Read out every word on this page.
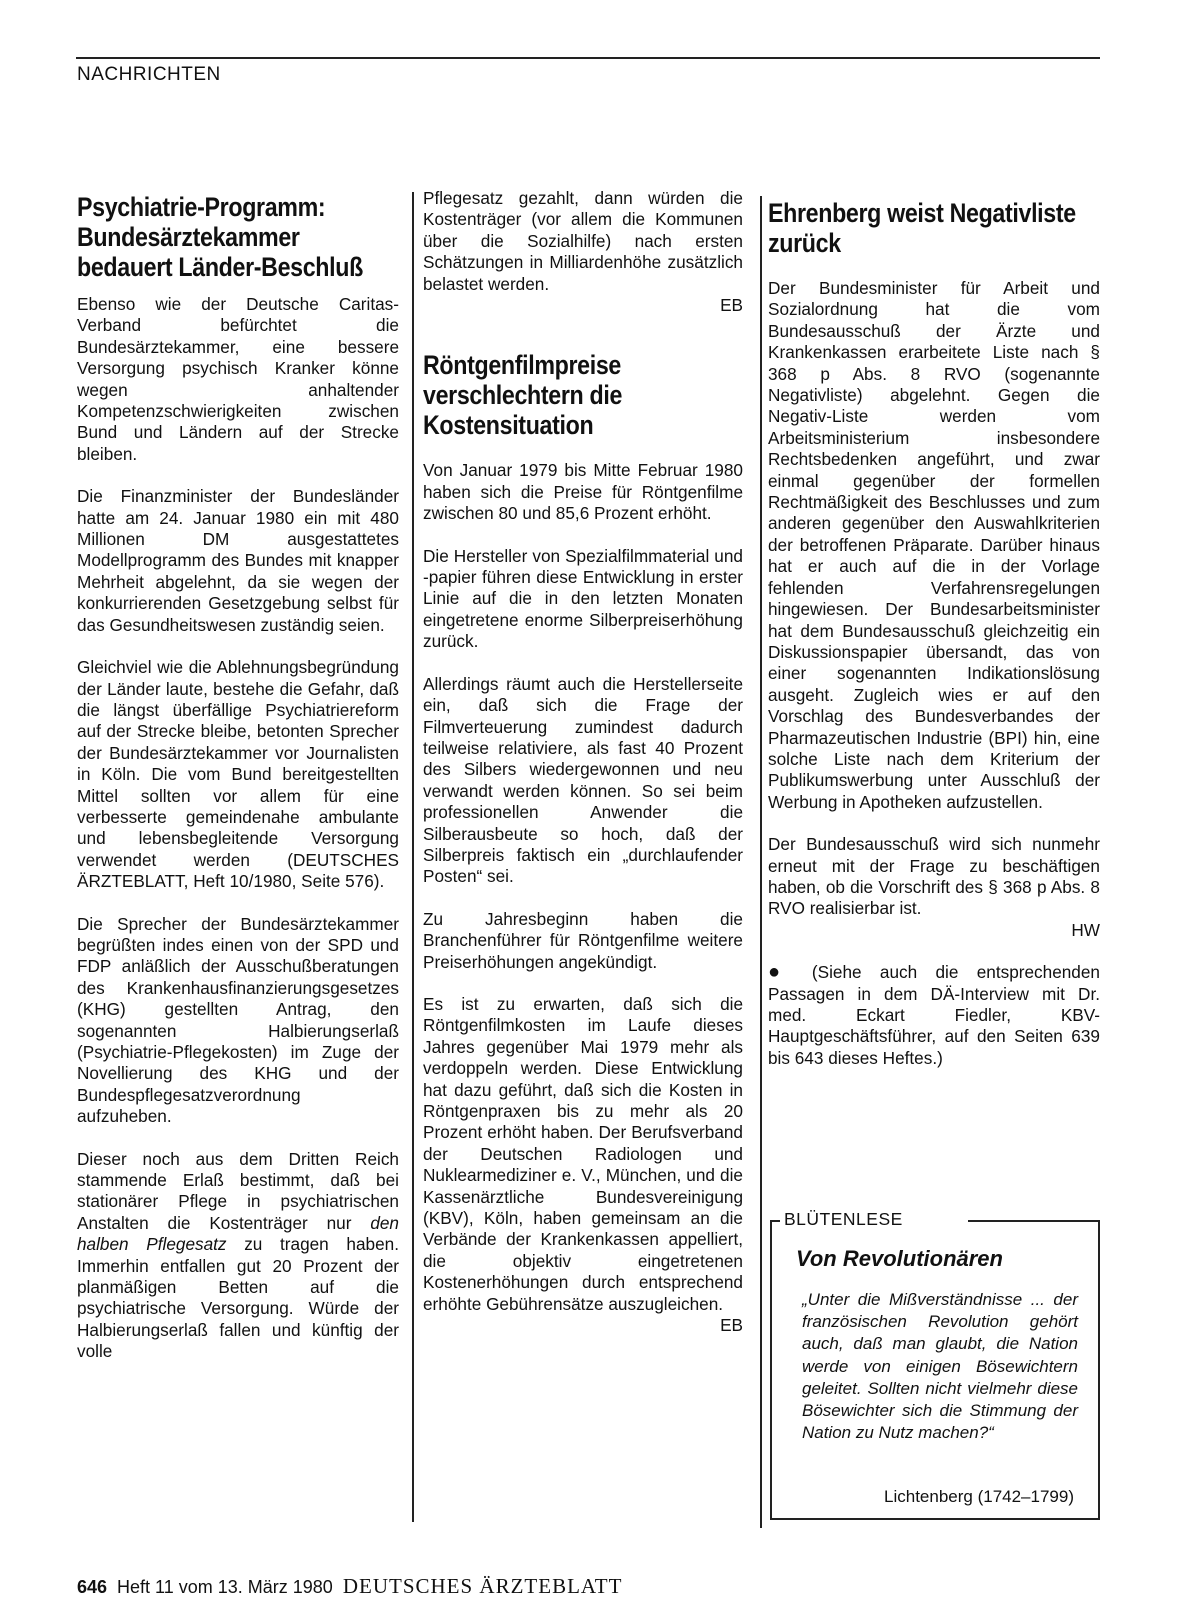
NACHRICHTEN
Psychiatrie-Programm: Bundesärztekammer bedauert Länder-Beschluß

Ebenso wie der Deutsche Caritas-Verband befürchtet die Bundesärztekammer, eine bessere Versorgung psychisch Kranker könne wegen anhaltender Kompetenzschwierigkeiten zwischen Bund und Ländern auf der Strecke bleiben.

Die Finanzminister der Bundesländer hatte am 24. Januar 1980 ein mit 480 Millionen DM ausgestattetes Modellprogramm des Bundes mit knapper Mehrheit abgelehnt, da sie wegen der konkurrierenden Gesetzgebung selbst für das Gesundheitswesen zuständig seien.

Gleichviel wie die Ablehnungsbegründung der Länder laute, bestehe die Gefahr, daß die längst überfällige Psychiatriereform auf der Strecke bleibe, betonten Sprecher der Bundesärztekammer vor Journalisten in Köln. Die vom Bund bereitgestellten Mittel sollten vor allem für eine verbesserte gemeindenahe ambulante und lebensbegleitende Versorgung verwendet werden (DEUTSCHES ÄRZTEBLATT, Heft 10/1980, Seite 576).

Die Sprecher der Bundesärztekammer begrüßten indes einen von der SPD und FDP anläßlich der Ausschußberatungen des Krankenhausfinanzierungsgesetzes (KHG) gestellten Antrag, den sogenannten Halbierungserlaß (Psychiatrie-Pflegekosten) im Zuge der Novellierung des KHG und der Bundespflegesatzverordnung aufzuheben.

Dieser noch aus dem Dritten Reich stammende Erlaß bestimmt, daß bei stationärer Pflege in psychiatrischen Anstalten die Kostenträger nur den halben Pflegesatz zu tragen haben. Immerhin entfallen gut 20 Prozent der planmäßigen Betten auf die psychiatrische Versorgung. Würde der Halbierungserlaß fallen und künftig der volle

Pflegesatz gezahlt, dann würden die Kostenträger (vor allem die Kommunen über die Sozialhilfe) nach ersten Schätzungen in Milliardenhöhe zusätzlich belastet werden.
EB

Röntgenfilmpreise verschlechtern die Kostensituation

Von Januar 1979 bis Mitte Februar 1980 haben sich die Preise für Röntgenfilme zwischen 80 und 85,6 Prozent erhöht.

Die Hersteller von Spezialfilmmaterial und -papier führen diese Entwicklung in erster Linie auf die in den letzten Monaten eingetretene enorme Silberpreiserhöhung zurück.

Allerdings räumt auch die Herstellerseite ein, daß sich die Frage der Filmverteuerung zumindest dadurch teilweise relativiere, als fast 40 Prozent des Silbers wiedergewonnen und neu verwandt werden können. So sei beim professionellen Anwender die Silberausbeute so hoch, daß der Silberpreis faktisch ein „durchlaufender Posten“ sei.

Zu Jahresbeginn haben die Branchenführer für Röntgenfilme weitere Preiserhöhungen angekündigt.

Es ist zu erwarten, daß sich die Röntgenfilmkosten im Laufe dieses Jahres gegenüber Mai 1979 mehr als verdoppeln werden. Diese Entwicklung hat dazu geführt, daß sich die Kosten in Röntgenpraxen bis zu mehr als 20 Prozent erhöht haben. Der Berufsverband der Deutschen Radiologen und Nuklearmediziner e. V., München, und die Kassenärztliche Bundesvereinigung (KBV), Köln, haben gemeinsam an die Verbände der Krankenkassen appelliert, die objektiv eingetretenen Kostenerhöhungen durch entsprechend erhöhte Gebührensätze auszugleichen.
EB

Ehrenberg weist Negativliste zurück

Der Bundesminister für Arbeit und Sozialordnung hat die vom Bundesausschuß der Ärzte und Krankenkassen erarbeitete Liste nach § 368 p Abs. 8 RVO (sogenannte Negativliste) abgelehnt. Gegen die Negativ-Liste werden vom Arbeitsministerium insbesondere Rechtsbedenken angeführt, und zwar einmal gegenüber der formellen Rechtmäßigkeit des Beschlusses und zum anderen gegenüber den Auswahlkriterien der betroffenen Präparate. Darüber hinaus hat er auch auf die in der Vorlage fehlenden Verfahrensregelungen hingewiesen. Der Bundesarbeitsminister hat dem Bundesausschuß gleichzeitig ein Diskussionspapier übersandt, das von einer sogenannten Indikationslösung ausgeht. Zugleich wies er auf den Vorschlag des Bundesverbandes der Pharmazeutischen Industrie (BPI) hin, eine solche Liste nach dem Kriterium der Publikumswerbung unter Ausschluß der Werbung in Apotheken aufzustellen.

Der Bundesausschuß wird sich nunmehr erneut mit der Frage zu beschäftigen haben, ob die Vorschrift des § 368 p Abs. 8 RVO realisierbar ist.
HW

● (Siehe auch die entsprechenden Passagen in dem DÄ-Interview mit Dr. med. Eckart Fiedler, KBV-Hauptgeschäftsführer, auf den Seiten 639 bis 643 dieses Heftes.)

BLÜTENLESE
Von Revolutionären
„Unter die Mißverständnisse ... der französischen Revolution gehört auch, daß man glaubt, die Nation werde von einigen Bösewichtern geleitet. Sollten nicht vielmehr diese Bösewichter sich die Stimmung der Nation zu Nutz machen?“
Lichtenberg (1742–1799)
646 Heft 11 vom 13. März 1980 DEUTSCHES ÄRZTEBLATT
